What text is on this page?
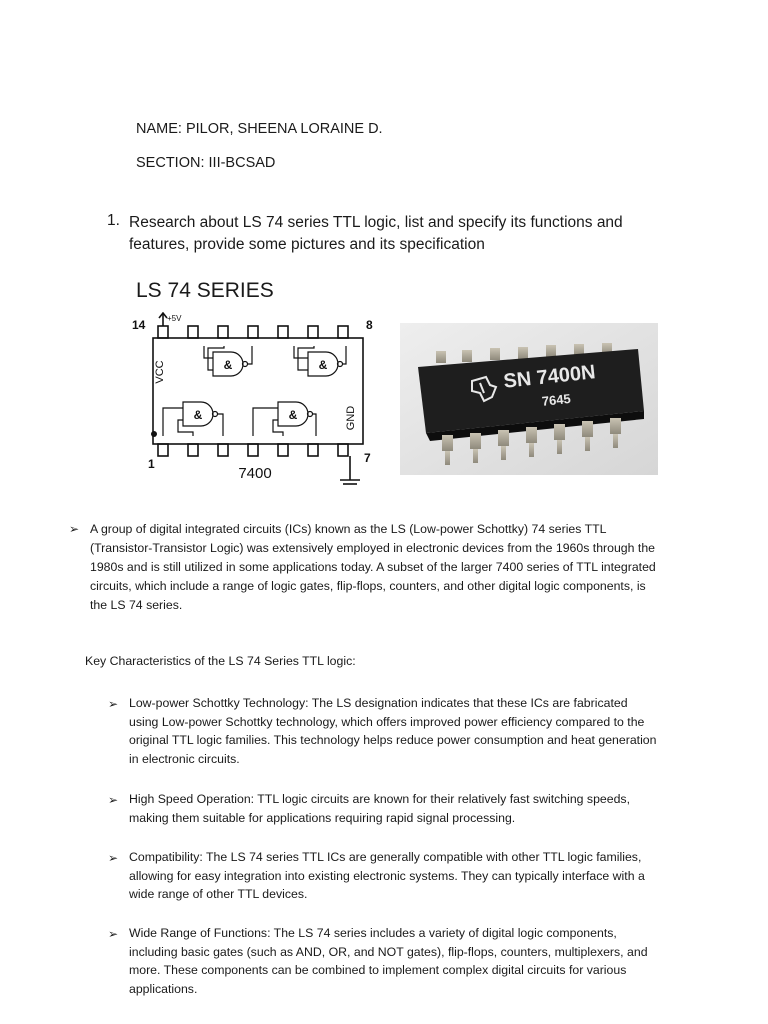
NAME: PILOR, SHEENA LORAINE D.
SECTION: III-BCSAD
1. Research about LS 74 series TTL logic, list and specify its functions and features, provide some pictures and its specification
LS 74 SERIES
14	+5V	8
1	7
VCC
GND
&	&
&	&
7400
SN 7400N
7645
➢ A group of digital integrated circuits (ICs) known as the LS (Low-power Schottky) 74 series TTL (Transistor-Transistor Logic) was extensively employed in electronic devices from the 1960s through the 1980s and is still utilized in some applications today. A subset of the larger 7400 series of TTL integrated circuits, which include a range of logic gates, flip-flops, counters, and other digital logic components, is the LS 74 series.
Key Characteristics of the LS 74 Series TTL logic:
➢ Low-power Schottky Technology: The LS designation indicates that these ICs are fabricated using Low-power Schottky technology, which offers improved power efficiency compared to the original TTL logic families. This technology helps reduce power consumption and heat generation in electronic circuits.
➢ High Speed Operation: TTL logic circuits are known for their relatively fast switching speeds, making them suitable for applications requiring rapid signal processing.
➢ Compatibility: The LS 74 series TTL ICs are generally compatible with other TTL logic families, allowing for easy integration into existing electronic systems. They can typically interface with a wide range of other TTL devices.
➢ Wide Range of Functions: The LS 74 series includes a variety of digital logic components, including basic gates (such as AND, OR, and NOT gates), flip-flops, counters, multiplexers, and more. These components can be combined to implement complex digital circuits for various applications.
